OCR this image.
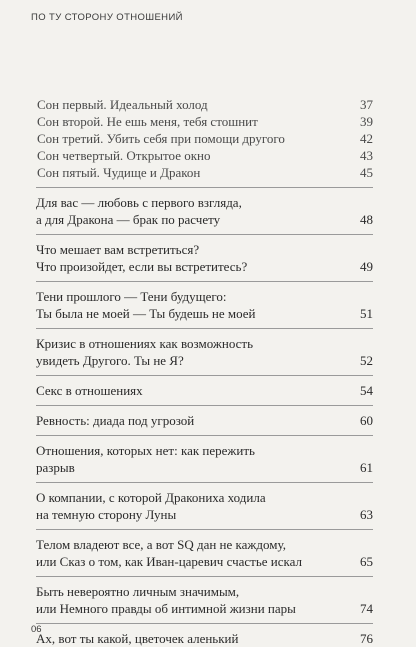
ПО ТУ СТОРОНУ ОТНОШЕНИЙ
Сон первый. Идеальный холод	37
Сон второй. Не ешь меня, тебя стошнит	39
Сон третий. Убить себя при помощи другого	42
Сон четвертый. Открытое окно	43
Сон пятый. Чудище и Дракон	45
Для вас — любовь с первого взгляда,
а для Дракона — брак по расчету	48
Что мешает вам встретиться?
Что произойдет, если вы встретитесь?	49
Тени прошлого — Тени будущего:
Ты была не моей — Ты будешь не моей	51
Кризис в отношениях как возможность
увидеть Другого. Ты не Я?	52
Секс в отношениях	54
Ревность: диада под угрозой	60
Отношения, которых нет: как пережить
разрыв	61
О компании, с которой Дракониха ходила
на темную сторону Луны	63
Телом владеют все, а вот SQ дан не каждому,
или Сказ о том, как Иван-царевич счастье искал	65
Быть невероятно личным значимым,
или Немного правды об интимной жизни пары	74
Ах, вот ты какой, цветочек аленький	76
06
